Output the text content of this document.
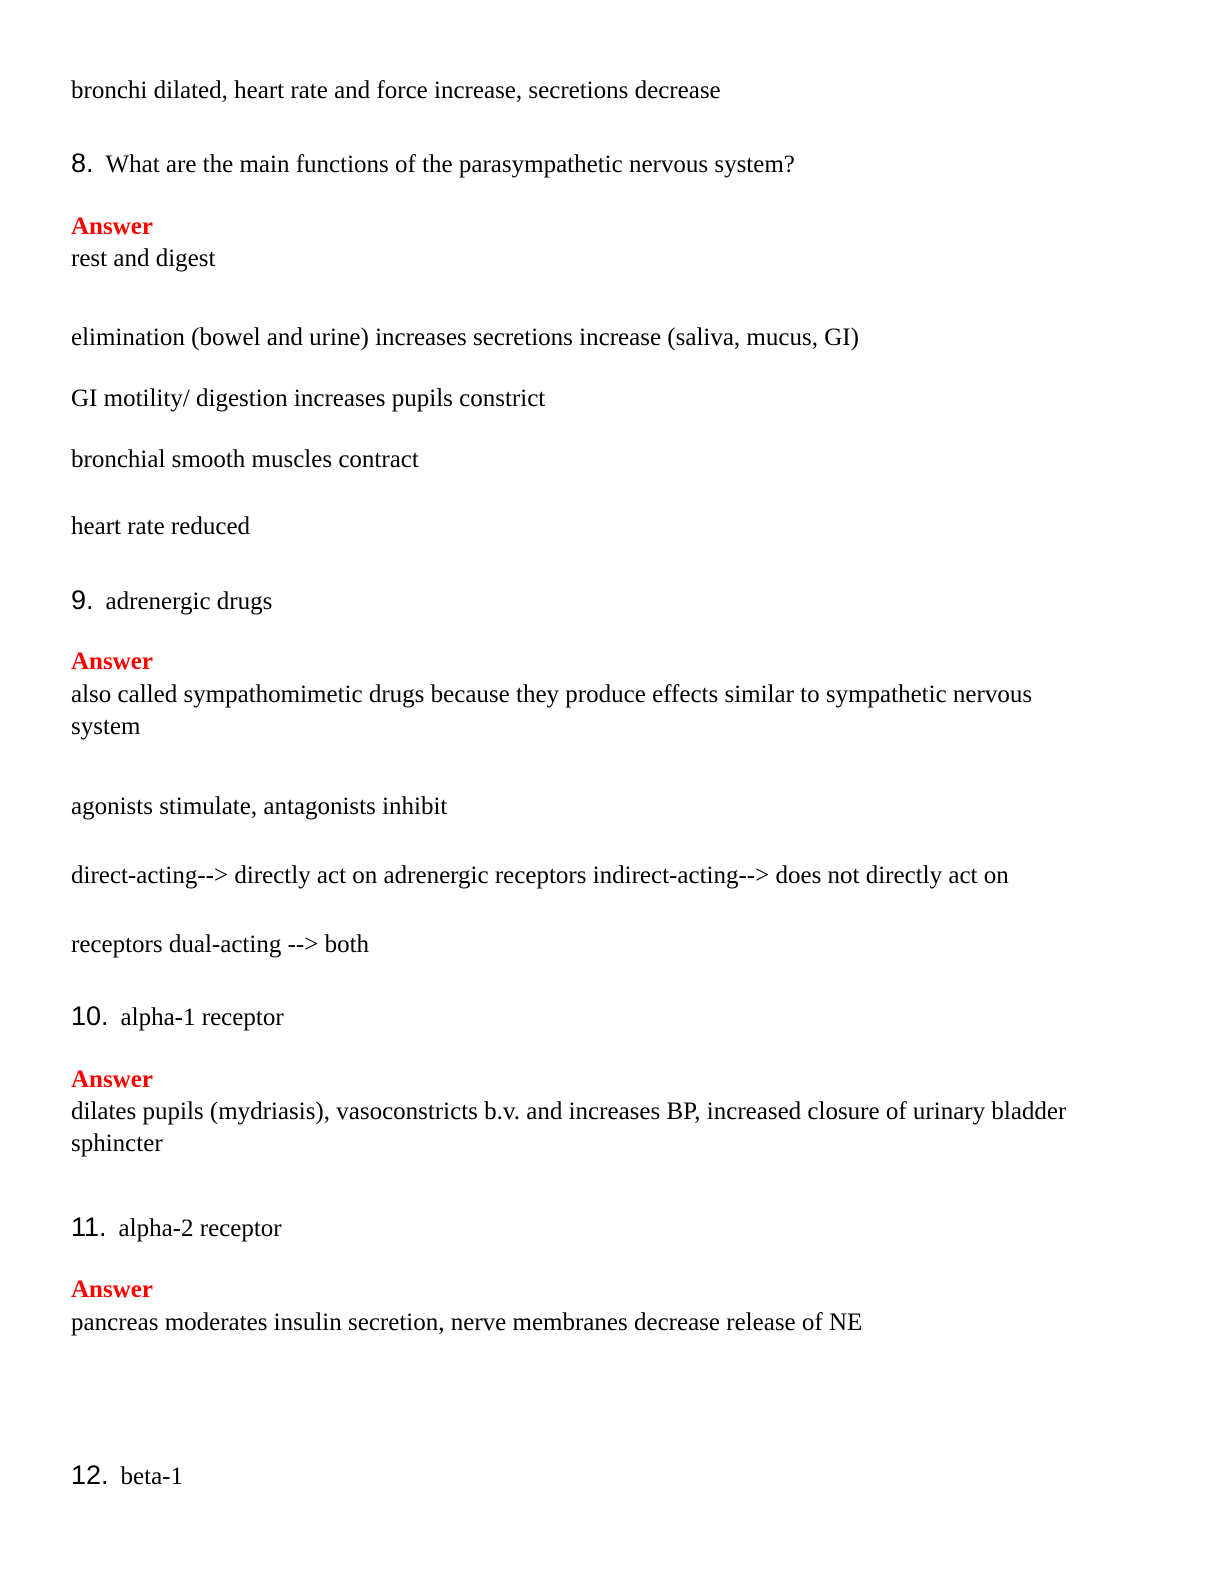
bronchi dilated, heart rate and force increase, secretions decrease
8. What are the main functions of the parasympathetic nervous system?
Answer
rest and digest
elimination (bowel and urine) increases secretions increase (saliva, mucus, GI)
GI motility/ digestion increases pupils constrict
bronchial smooth muscles contract
heart rate reduced
9. adrenergic drugs
Answer
also called sympathomimetic drugs because they produce effects similar to sympathetic nervous system
agonists stimulate, antagonists inhibit
direct-acting--> directly act on adrenergic receptors indirect-acting--> does not directly act on
receptors dual-acting --> both
10. alpha-1 receptor
Answer
dilates pupils (mydriasis), vasoconstricts b.v. and increases BP, increased closure of urinary bladder sphincter
11. alpha-2 receptor
Answer
pancreas moderates insulin secretion, nerve membranes decrease release of NE
12. beta-1
